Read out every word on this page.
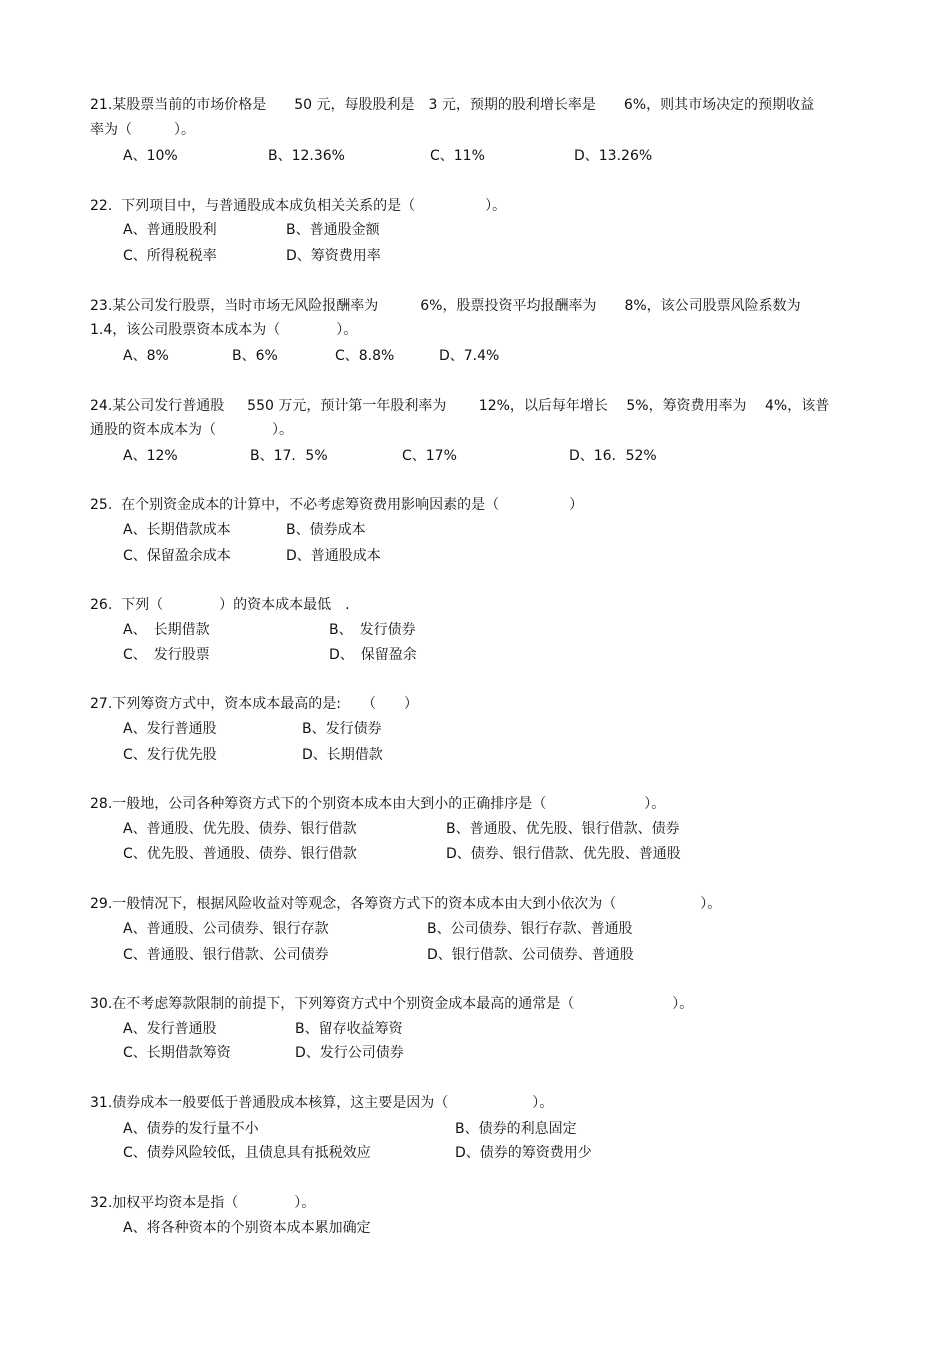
21.某股票当前的市场价格是　　50 元，每股股利是　3 元，预期的股利增长率是　　6%，则其市场决定的预期收益
率为（　　　）。
A、10%	B、12.36%	C、11%	D、13.26%
22.  下列项目中，与普通股成本成负相关关系的是（　　　　　）。
A、普通股股利	B、普通股金额
C、所得税税率	D、筹资费用率
23.某公司发行股票，当时市场无风险报酬率为　　　6%，股票投资平均报酬率为　　8%，该公司股票风险系数为
1.4，该公司股票资本成本为（　　　　）。
A、8%	B、6%	C、8.8%	D、7.4%
24.某公司发行普通股　  550 万元，预计第一年股利率为　　 12%，以后每年增长　 5%，筹资费用率为　 4%，该普
通股的资本成本为（　　　　）。
A、12%	B、17．5%	C、17%	D、16．52%
25.  在个别资金成本的计算中，不必考虑筹资费用影响因素的是（　　　　　）
A、长期借款成本	B、债券成本
C、保留盈余成本	D、普通股成本
26.  下列（　　　　）的资本成本最低　.
A、　长期借款	B、　发行债券
C、　发行股票	D、　保留盈余
27.下列筹资方式中，资本成本最高的是:　　（　　）
A、发行普通股	B、发行债券
C、发行优先股	D、长期借款
28.一般地，公司各种筹资方式下的个别资本成本由大到小的正确排序是（　　　　　　　）。
A、普通股、优先股、债券、银行借款	B、普通股、优先股、银行借款、债券
C、优先股、普通股、债券、银行借款	D、债券、银行借款、优先股、普通股
29.一般情况下，根据风险收益对等观念，各筹资方式下的资本成本由大到小依次为（　　　　　　）。
A、普通股、公司债券、银行存款	B、公司债券、银行存款、普通股
C、普通股、银行借款、公司债券	D、银行借款、公司债券、普通股
30.在不考虑筹款限制的前提下，下列筹资方式中个别资金成本最高的通常是（　　　　　　　）。
A、发行普通股	B、留存收益筹资
C、长期借款筹资	D、发行公司债券
31.债券成本一般要低于普通股成本核算，这主要是因为（　　　　　　）。
A、债券的发行量不小	B、债券的利息固定
C、债券风险较低，且债息具有抵税效应	D、债券的筹资费用少
32.加权平均资本是指（　　　　）。
A、将各种资本的个别资本成本累加确定
